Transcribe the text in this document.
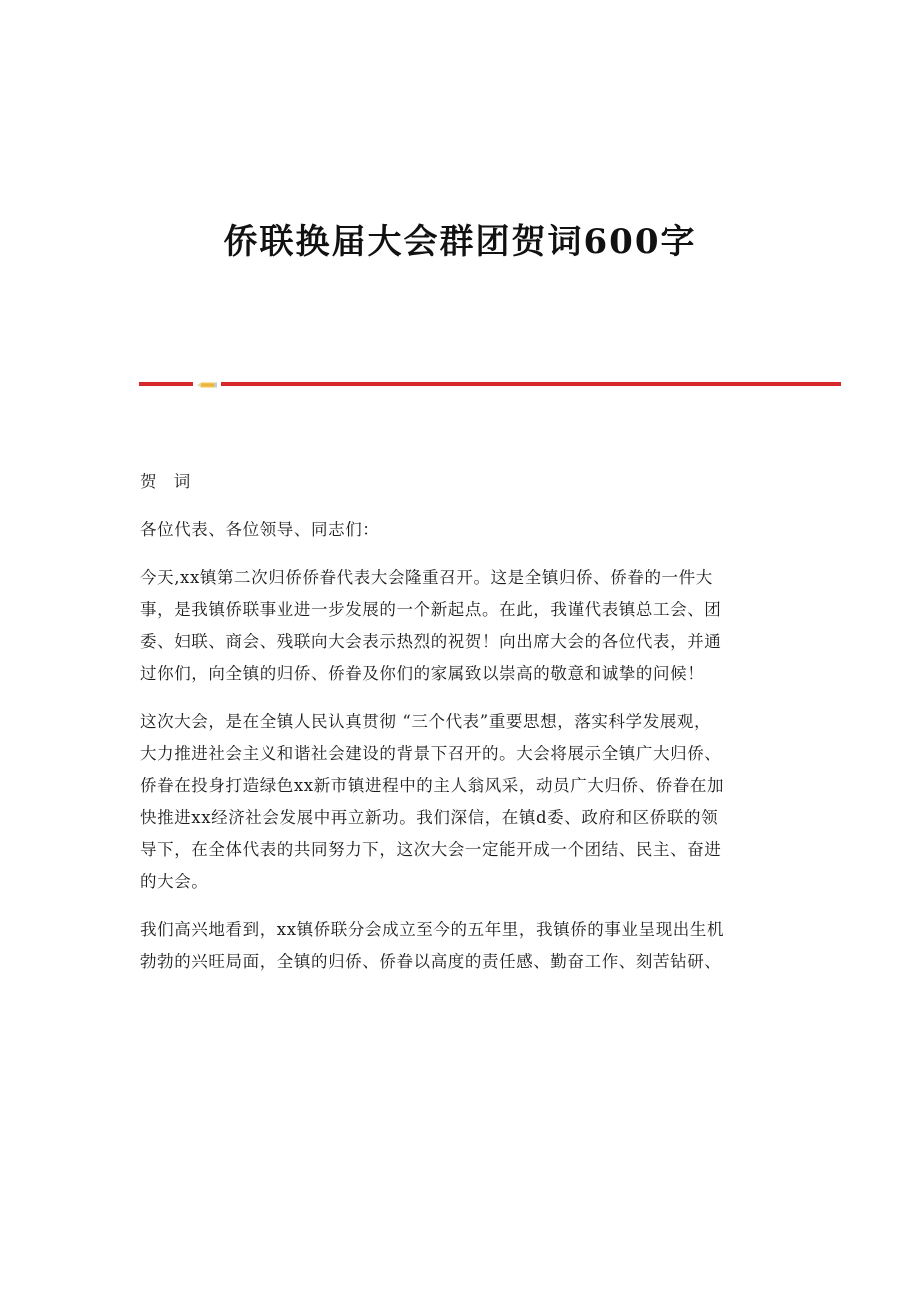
侨联换届大会群团贺词600字

贺 词

各位代表、各位领导、同志们：

今天,xx镇第二次归侨侨眷代表大会隆重召开。这是全镇归侨、侨眷的一件大
事，是我镇侨联事业进一步发展的一个新起点。在此，我谨代表镇总工会、团
委、妇联、商会、残联向大会表示热烈的祝贺！向出席大会的各位代表，并通
过你们，向全镇的归侨、侨眷及你们的家属致以崇高的敬意和诚挚的问候！

这次大会，是在全镇人民认真贯彻 “三个代表”重要思想，落实科学发展观，
大力推进社会主义和谐社会建设的背景下召开的。大会将展示全镇广大归侨、
侨眷在投身打造绿色xx新市镇进程中的主人翁风采，动员广大归侨、侨眷在加
快推进xx经济社会发展中再立新功。我们深信，在镇d委、政府和区侨联的领
导下，在全体代表的共同努力下，这次大会一定能开成一个团结、民主、奋进
的大会。

我们高兴地看到，xx镇侨联分会成立至今的五年里，我镇侨的事业呈现出生机
勃勃的兴旺局面，全镇的归侨、侨眷以高度的责任感、勤奋工作、刻苦钻研、
